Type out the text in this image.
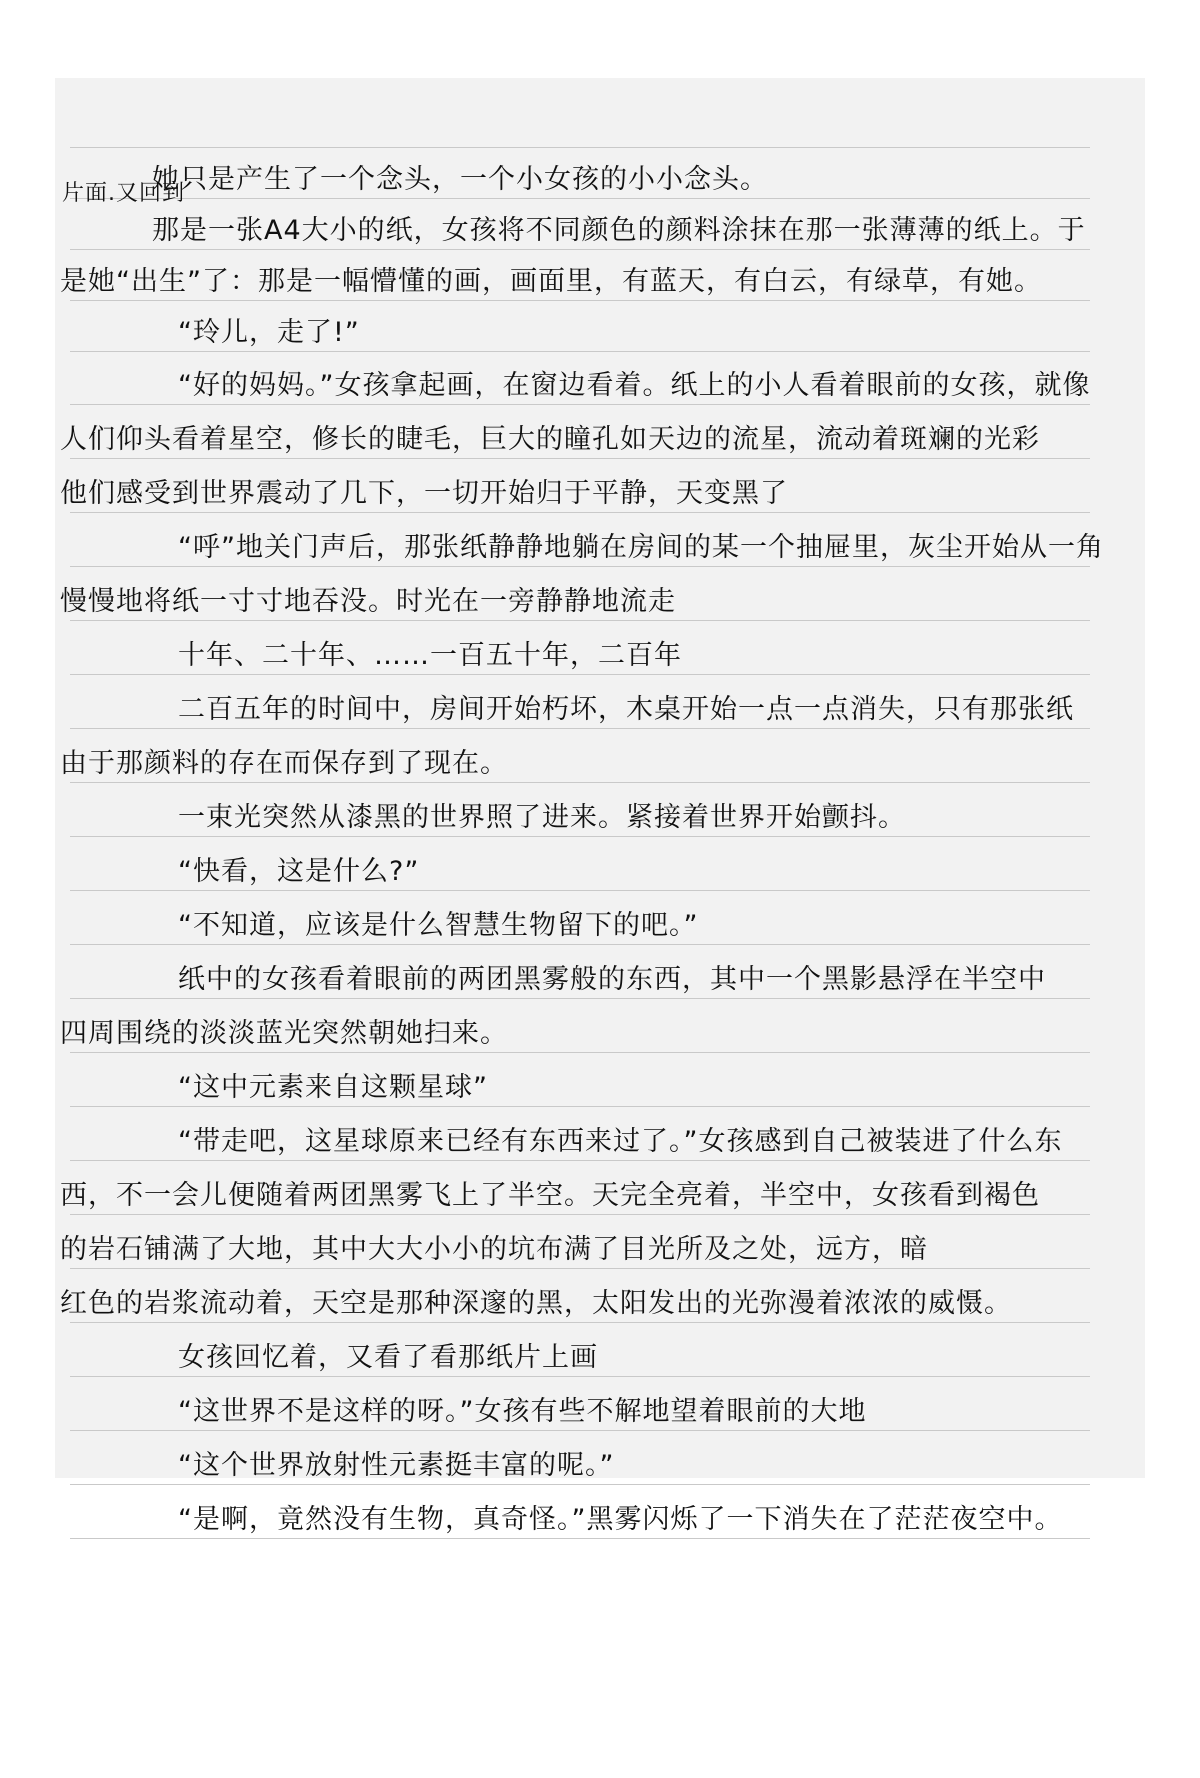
片面.又回到
她只是产生了一个念头，一个小女孩的小小念头。
那是一张A4大小的纸，女孩将不同颜色的颜料涂抹在那一张薄薄的纸上。于
是她“出生”了：那是一幅懵懂的画，画面里，有蓝天，有白云，有绿草，有她。
“玲儿，走了!”
“好的妈妈。”女孩拿起画，在窗边看着。纸上的小人看着眼前的女孩，就像
人们仰头看着星空，修长的睫毛，巨大的瞳孔如天边的流星，流动着斑斓的光彩
他们感受到世界震动了几下，一切开始归于平静，天变黑了
“呼”地关门声后，那张纸静静地躺在房间的某一个抽屉里，灰尘开始从一角
慢慢地将纸一寸寸地吞没。时光在一旁静静地流走
十年、二十年、……一百五十年，二百年
二百五年的时间中，房间开始朽坏，木桌开始一点一点消失，只有那张纸
由于那颜料的存在而保存到了现在。
一束光突然从漆黑的世界照了进来。紧接着世界开始颤抖。
“快看，这是什么?”
“不知道，应该是什么智慧生物留下的吧。”
纸中的女孩看着眼前的两团黑雾般的东西，其中一个黑影悬浮在半空中
四周围绕的淡淡蓝光突然朝她扫来。
“这中元素来自这颗星球”
“带走吧，这星球原来已经有东西来过了。”女孩感到自己被装进了什么东
西，不一会儿便随着两团黑雾飞上了半空。天完全亮着，半空中，女孩看到褐色
的岩石铺满了大地，其中大大小小的坑布满了目光所及之处，远方，暗
红色的岩浆流动着，天空是那种深邃的黑，太阳发出的光弥漫着浓浓的威慑。
女孩回忆着，又看了看那纸片上画
“这世界不是这样的呀。”女孩有些不解地望着眼前的大地
“这个世界放射性元素挺丰富的呢。”
“是啊，竟然没有生物，真奇怪。”黑雾闪烁了一下消失在了茫茫夜空中。
